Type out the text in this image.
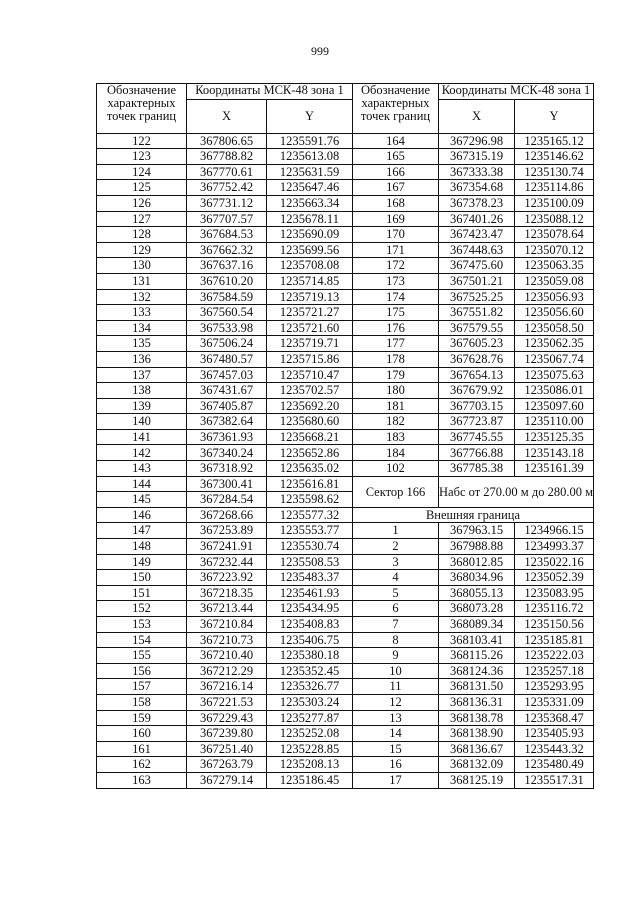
999
Обозначение характерных точек границ	Координаты МСК-48 зона 1		Обозначение характерных точек границ	Координаты МСК-48 зона 1	
	X	Y		X	Y
122	367806.65	1235591.76	164	367296.98	1235165.12
123	367788.82	1235613.08	165	367315.19	1235146.62
124	367770.61	1235631.59	166	367333.38	1235130.74
125	367752.42	1235647.46	167	367354.68	1235114.86
126	367731.12	1235663.34	168	367378.23	1235100.09
127	367707.57	1235678.11	169	367401.26	1235088.12
128	367684.53	1235690.09	170	367423.47	1235078.64
129	367662.32	1235699.56	171	367448.63	1235070.12
130	367637.16	1235708.08	172	367475.60	1235063.35
131	367610.20	1235714.85	173	367501.21	1235059.08
132	367584.59	1235719.13	174	367525.25	1235056.93
133	367560.54	1235721.27	175	367551.82	1235056.60
134	367533.98	1235721.60	176	367579.55	1235058.50
135	367506.24	1235719.71	177	367605.23	1235062.35
136	367480.57	1235715.86	178	367628.76	1235067.74
137	367457.03	1235710.47	179	367654.13	1235075.63
138	367431.67	1235702.57	180	367679.92	1235086.01
139	367405.87	1235692.20	181	367703.15	1235097.60
140	367382.64	1235680.60	182	367723.87	1235110.00
141	367361.93	1235668.21	183	367745.55	1235125.35
142	367340.24	1235652.86	184	367766.88	1235143.18
143	367318.92	1235635.02	102	367785.38	1235161.39
144	367300.41	1235616.81	Сектор 166	Набс от 270.00 м до 280.00 м	
145	367284.54	1235598.62			
146	367268.66	1235577.32	Внешняя граница		
147	367253.89	1235553.77	1	367963.15	1234966.15
148	367241.91	1235530.74	2	367988.88	1234993.37
149	367232.44	1235508.53	3	368012.85	1235022.16
150	367223.92	1235483.37	4	368034.96	1235052.39
151	367218.35	1235461.93	5	368055.13	1235083.95
152	367213.44	1235434.95	6	368073.28	1235116.72
153	367210.84	1235408.83	7	368089.34	1235150.56
154	367210.73	1235406.75	8	368103.41	1235185.81
155	367210.40	1235380.18	9	368115.26	1235222.03
156	367212.29	1235352.45	10	368124.36	1235257.18
157	367216.14	1235326.77	11	368131.50	1235293.95
158	367221.53	1235303.24	12	368136.31	1235331.09
159	367229.43	1235277.87	13	368138.78	1235368.47
160	367239.80	1235252.08	14	368138.90	1235405.93
161	367251.40	1235228.85	15	368136.67	1235443.32
162	367263.79	1235208.13	16	368132.09	1235480.49
163	367279.14	1235186.45	17	368125.19	1235517.31
